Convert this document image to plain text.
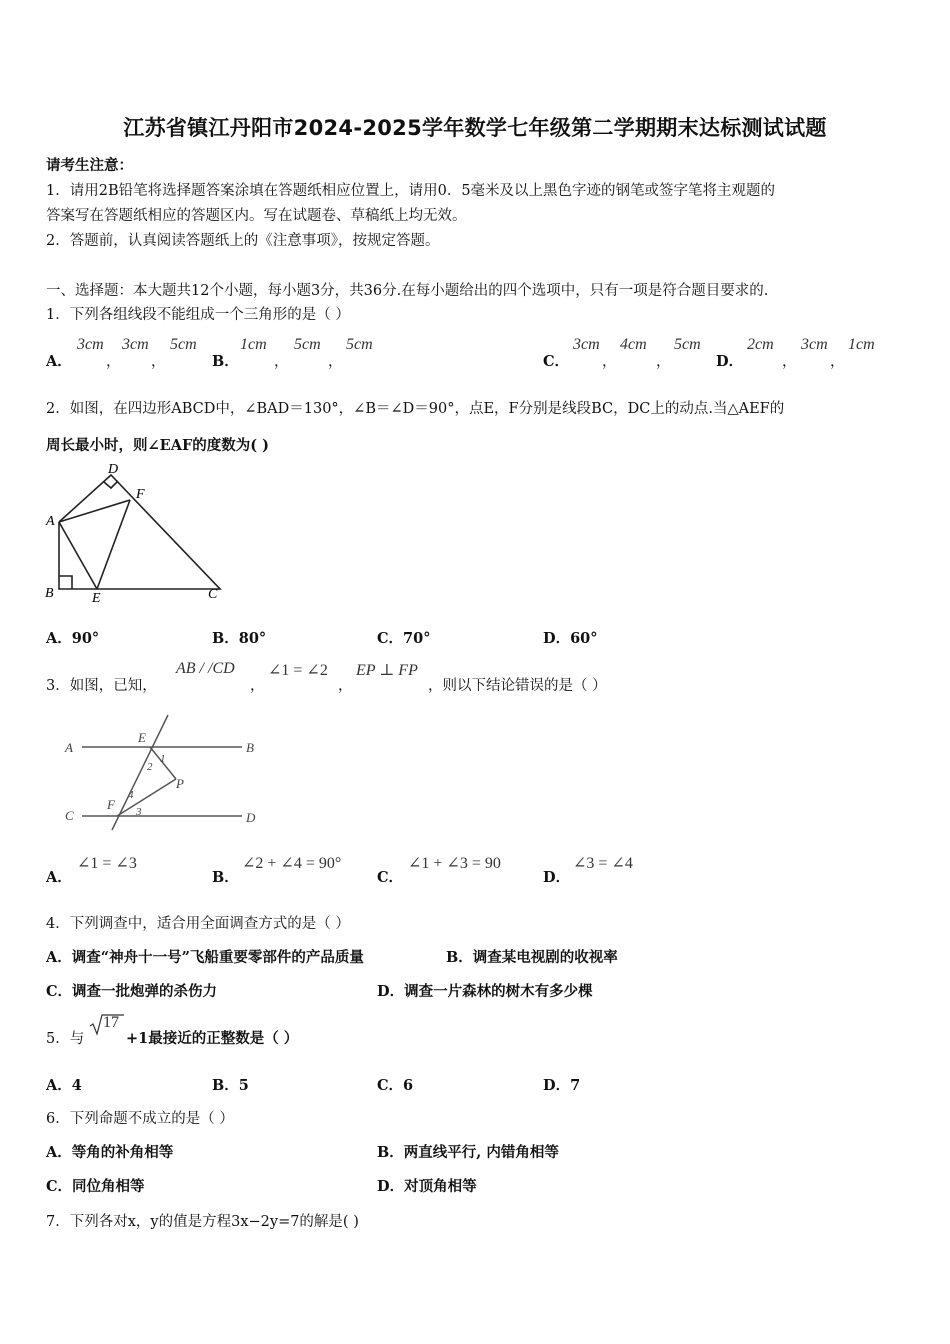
江苏省镇江丹阳市2024-2025学年数学七年级第二学期期末达标测试试题
请考生注意：
1．请用2B铅笔将选择题答案涂填在答题纸相应位置上，请用0．5毫米及以上黑色字迹的钢笔或签字笔将主观题的
答案写在答题纸相应的答题区内。写在试题卷、草稿纸上均无效。
2．答题前，认真阅读答题纸上的《注意事项》，按规定答题。
一、选择题：本大题共12个小题，每小题3分，共36分.在每小题给出的四个选项中，只有一项是符合题目要求的.
1．下列各组线段不能组成一个三角形的是（ ）
A．
3cm
，
3cm
，
5cm
B．
1cm
，
5cm
，
5cm
C．
3cm
，
4cm
，
5cm
D．
2cm
，
3cm
，
1cm
2．如图，在四边形ABCD中，∠BAD＝130°，∠B＝∠D＝90°，点E，F分别是线段BC，DC上的动点.当△AEF的
周长最小时，则∠EAF的度数为( )
A
B	C
D
E
F
A．90°	B．80°	C．70°	D．60°
3．如图，已知，
AB / /CD
，
∠1 = ∠2
，
EP ⊥ FP
，则以下结论错误的是（ ）
A	B
C	D
E
F
P
1
2
3
4
A．
∠1 = ∠3
B．
∠2 + ∠4 = 90°
C．
∠1 + ∠3 = 90
D．
∠3 = ∠4
4．下列调查中，适合用全面调查方式的是（ ）
A．调查“神舟十一号”飞船重要零部件的产品质量	B．调查某电视剧的收视率
C．调查一批炮弹的杀伤力	D．调查一片森林的树木有多少棵
5．与
17
+1最接近的正整数是（ ）
A．4	B．5	C．6	D．7
6．下列命题不成立的是（ ）
A．等角的补角相等	B．两直线平行, 内错角相等
C．同位角相等	D．对顶角相等
7．下列各对x，y的值是方程3x−2y=7的解是( )
